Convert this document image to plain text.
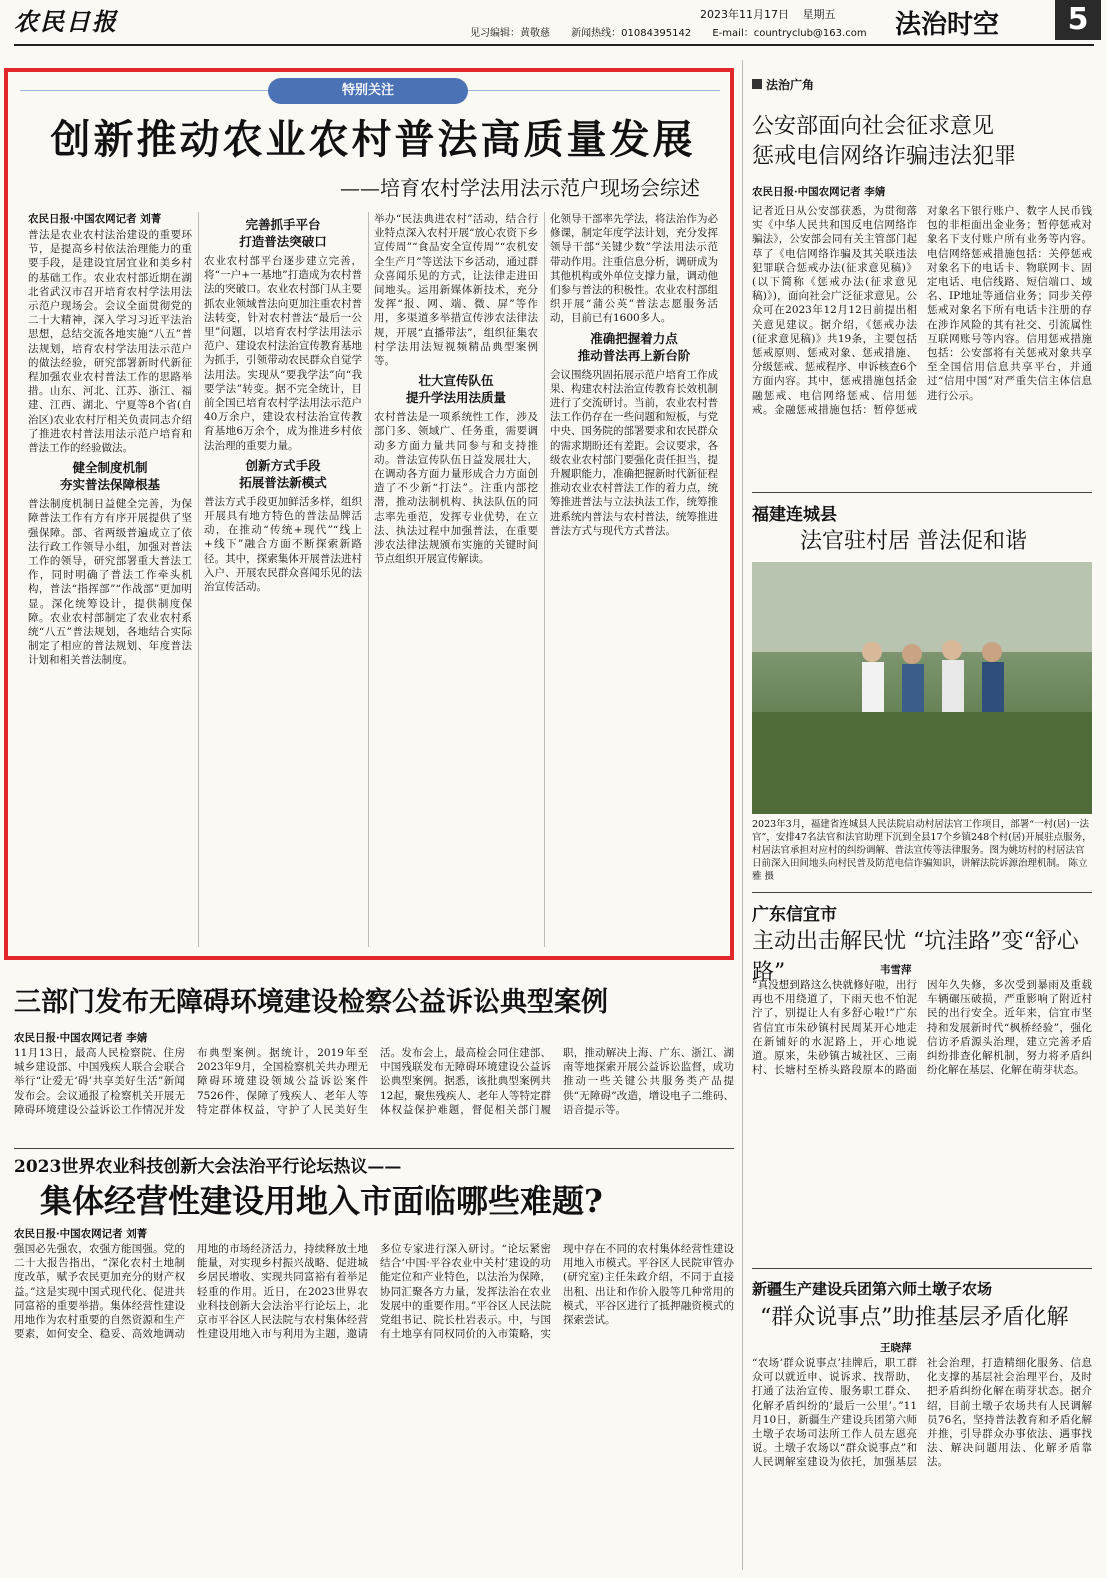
农民日报	2023年11月17日 星期五
见习编辑：黄敬慈 新闻热线：01084395142 E-mail：countryclub@163.com	法治时空	5
特别关注
创新推动农业农村普法高质量发展
——培育农村学法用法示范户现场会综述
农民日报·中国农网记者 刘菁
普法是农业农村法治建设的重要环节，是提高乡村依法治理能力的重要手段，是建设宜居宜业和美乡村的基础工作。农业农村部近期在湖北省武汉市召开培育农村学法用法示范户现场会。会议全面贯彻党的二十大精神，深入学习习近平法治思想，总结交流各地实施“八五”普法规划，培育农村学法用法示范户的做法经验，研究部署新时代新征程加强农业农村普法工作的思路举措。山东、河北、江苏、浙江、福建、江西、湖北、宁夏等8个省(自治区)农业农村厅相关负责同志介绍了推进农村普法用法示范户培育和普法工作的经验做法。
健全制度机制
夯实普法保障根基
普法制度机制日益健全完善，为保障普法工作有方有序开展提供了坚强保障。部、省两级普遍成立了依法行政工作领导小组，加强对普法工作的领导，研究部署重大普法工作，同时明确了普法工作牵头机构，普法“指挥部”“作战部”更加明显。深化统筹设计，提供制度保障。农业农村部制定了农业农村系统“八五”普法规划，各地结合实际制定了相应的普法规划、年度普法计划和相关普法制度。
完善抓手平台
打造普法突破口
农业农村部平台逐步建立完善，将“一户+一基地”打造成为农村普法的突破口。农业农村部门从主要抓农业领域普法向更加注重农村普法转变，针对农村普法“最后一公里”问题，以培育农村学法用法示范户、建设农村法治宣传教育基地为抓手，引领带动农民群众自觉学法用法。实现从“要我学法”向“我要学法”转变。据不完全统计，目前全国已培育农村学法用法示范户40万余户，建设农村法治宣传教育基地6万余个，成为推进乡村依法治理的重要力量。
创新方式手段
拓展普法新模式
普法方式手段更加鲜活多样，组织开展具有地方特色的普法品牌活动，在推动“传统+现代”“线上+线下”融合方面不断探索新路径。其中，探索集体开展普法进村入户、开展农民群众喜闻乐见的法治宣传活动。
举办“民法典进农村”活动，结合行业特点深入农村开展“放心农资下乡宣传周”“食品安全宣传周”“农机安全生产月”等送法下乡活动，通过群众喜闻乐见的方式，让法律走进田间地头。运用新媒体新技术，充分发挥“报、网、端、微、屏”等作用，多渠道多举措宣传涉农法律法规，开展“直播带法”，组织征集农村学法用法短视频精品典型案例等。
壮大宣传队伍
提升学法用法质量
农村普法是一项系统性工作，涉及部门多、领域广、任务重，需要调动多方面力量共同参与和支持推动。普法宣传队伍日益发展壮大，在调动各方面力量形成合力方面创造了不少新“打法”。注重内部挖潜，推动法制机构、执法队伍的同志率先垂范，发挥专业优势，在立法、执法过程中加强普法，在重要涉农法律法规颁布实施的关键时间节点组织开展宣传解读。
化领导干部率先学法，将法治作为必修课，制定年度学法计划，充分发挥领导干部“关键少数”学法用法示范带动作用。注重信息分析，调研成为其他机构或外单位支撑力量，调动他们参与普法的积极性。农业农村部组织开展“蒲公英”普法志愿服务活动，目前已有1600多人。
准确把握着力点
推动普法再上新台阶
会议围绕巩固拓展示范户培育工作成果、构建农村法治宣传教育长效机制进行了交流研讨。当前，农业农村普法工作仍存在一些问题和短板，与党中央、国务院的部署要求和农民群众的需求期盼还有差距。会议要求，各级农业农村部门要强化责任担当，提升履职能力，准确把握新时代新征程推动农业农村普法工作的着力点，统筹推进普法与立法执法工作，统筹推进系统内普法与农村普法，统筹推进普法方式与现代方式普法。
法治广角
公安部面向社会征求意见
惩戒电信网络诈骗违法犯罪
农民日报·中国农网记者 李婧
记者近日从公安部获悉，为贯彻落实《中华人民共和国反电信网络诈骗法》，公安部会同有关主管部门起草了《电信网络诈骗及其关联违法犯罪联合惩戒办法(征求意见稿)》(以下简称《惩戒办法(征求意见稿)》)，面向社会广泛征求意见。公众可在2023年12月12日前提出相关意见建议。据介绍，《惩戒办法(征求意见稿)》共19条，主要包括惩戒原则、惩戒对象、惩戒措施、分级惩戒、惩戒程序、申诉核查6个方面内容。其中，惩戒措施包括金融惩戒、电信网络惩戒、信用惩戒。金融惩戒措施包括：暂停惩戒对象名下银行账户、数字人民币钱包的非柜面出金业务；暂停惩戒对象名下支付账户所有业务等内容。电信网络惩戒措施包括：关停惩戒对象名下的电话卡、物联网卡、固定电话、电信线路、短信端口、域名、IP地址等通信业务；同步关停惩戒对象名下所有电话卡注册的存在涉诈风险的其有社交、引流属性互联网账号等内容。信用惩戒措施包括：公安部将有关惩戒对象共享至全国信用信息共享平台，并通过“信用中国”对严重失信主体信息进行公示。
福建连城县
法官驻村居 普法促和谐
2023年3月，福建省连城县人民法院启动村居法官工作项目，部署“一村(居)一法官”，安排47名法官和法官助理下沉到全县17个乡镇248个村(居)开展驻点服务，村居法官承担对应村的纠纷调解、普法宣传等法律服务。图为姚坊村的村居法官日前深入田间地头向村民普及防范电信诈骗知识，讲解法院诉源治理机制。 陈立雅 摄
广东信宜市
主动出击解民忧 “坑洼路”变“舒心路”	韦雪萍
“真没想到路这么快就修好啦，出行再也不用绕道了，下雨天也不怕泥泞了，别提让人有多舒心啦!”广东省信宜市朱砂镇村民周某开心地走在新铺好的水泥路上，开心地说道。原来，朱砂镇古城社区、三南村、长塘村至桥头路段原本的路面因年久失修，多次受到暴雨及重载车辆碾压破损，严重影响了附近村民的出行安全。近年来，信宜市坚持和发展新时代“枫桥经验”，强化信访矛盾源头治理，建立完善矛盾纠纷排查化解机制，努力将矛盾纠纷化解在基层、化解在萌芽状态。
新疆生产建设兵团第六师土墩子农场
“群众说事点”助推基层矛盾化解
王晓萍
“农场‘群众说事点’挂牌后，职工群众可以就近申、说诉求、找帮助，打通了法治宣传、服务职工群众、化解矛盾纠纷的‘最后一公里’。”11月10日，新疆生产建设兵团第六师土墩子农场司法所工作人员左恩亮说。土墩子农场以“群众说事点”和人民调解室建设为依托，加强基层社会治理，打造精细化服务、信息化支撑的基层社会治理平台，及时把矛盾纠纷化解在萌芽状态。据介绍，目前土墩子农场共有人民调解员76名，坚持普法教育和矛盾化解并推，引导群众办事依法、遇事找法、解决问题用法、化解矛盾靠法。
三部门发布无障碍环境建设检察公益诉讼典型案例
农民日报·中国农网记者 李婧
11月13日，最高人民检察院、住房城乡建设部、中国残疾人联合会联合举行“让爱无‘碍’共享美好生活”新闻发布会。会议通报了检察机关开展无障碍环境建设公益诉讼工作情况并发布典型案例。据统计，2019年至2023年9月，全国检察机关共办理无障碍环境建设领域公益诉讼案件7526件，保障了残疾人、老年人等特定群体权益，守护了人民美好生活。发布会上，最高检会同住建部、中国残联发布无障碍环境建设公益诉讼典型案例。据悉，该批典型案例共12起，聚焦残疾人、老年人等特定群体权益保护难题，督促相关部门履职，推动解决上海、广东、浙江、湖南等地探索开展公益诉讼监督，成功推动一些关键公共服务类产品提供“无障碍”改造，增设电子二维码、语音提示等。
2023世界农业科技创新大会法治平行论坛热议——
集体经营性建设用地入市面临哪些难题?
农民日报·中国农网记者 刘菁
强国必先强农，农强方能国强。党的二十大报告指出，“深化农村土地制度改革，赋予农民更加充分的财产权益。”这是实现中国式现代化、促进共同富裕的重要举措。集体经营性建设用地作为农村重要的自然资源和生产要素，如何安全、稳妥、高效地调动用地的市场经济活力，持续释放土地能量，对实现乡村振兴战略、促进城乡居民增收、实现共同富裕有着举足轻重的作用。近日，在2023世界农业科技创新大会法治平行论坛上，北京市平谷区人民法院与农村集体经营性建设用地入市与利用为主题，邀请多位专家进行深入研讨。“论坛紧密结合‘中国·平谷农业中关村’建设的功能定位和产业特色，以法治为保障，协同汇聚各方力量，发挥法治在农业发展中的重要作用。”平谷区人民法院党组书记、院长杜岩表示。中，与国有土地享有同权同价的入市策略，实现中存在不同的农村集体经营性建设用地入市模式。平谷区人民院审管办(研究室)主任朱政介绍，不同于直接出租、出让和作价入股等几种常用的模式，平谷区进行了抵押融资模式的探索尝试。
